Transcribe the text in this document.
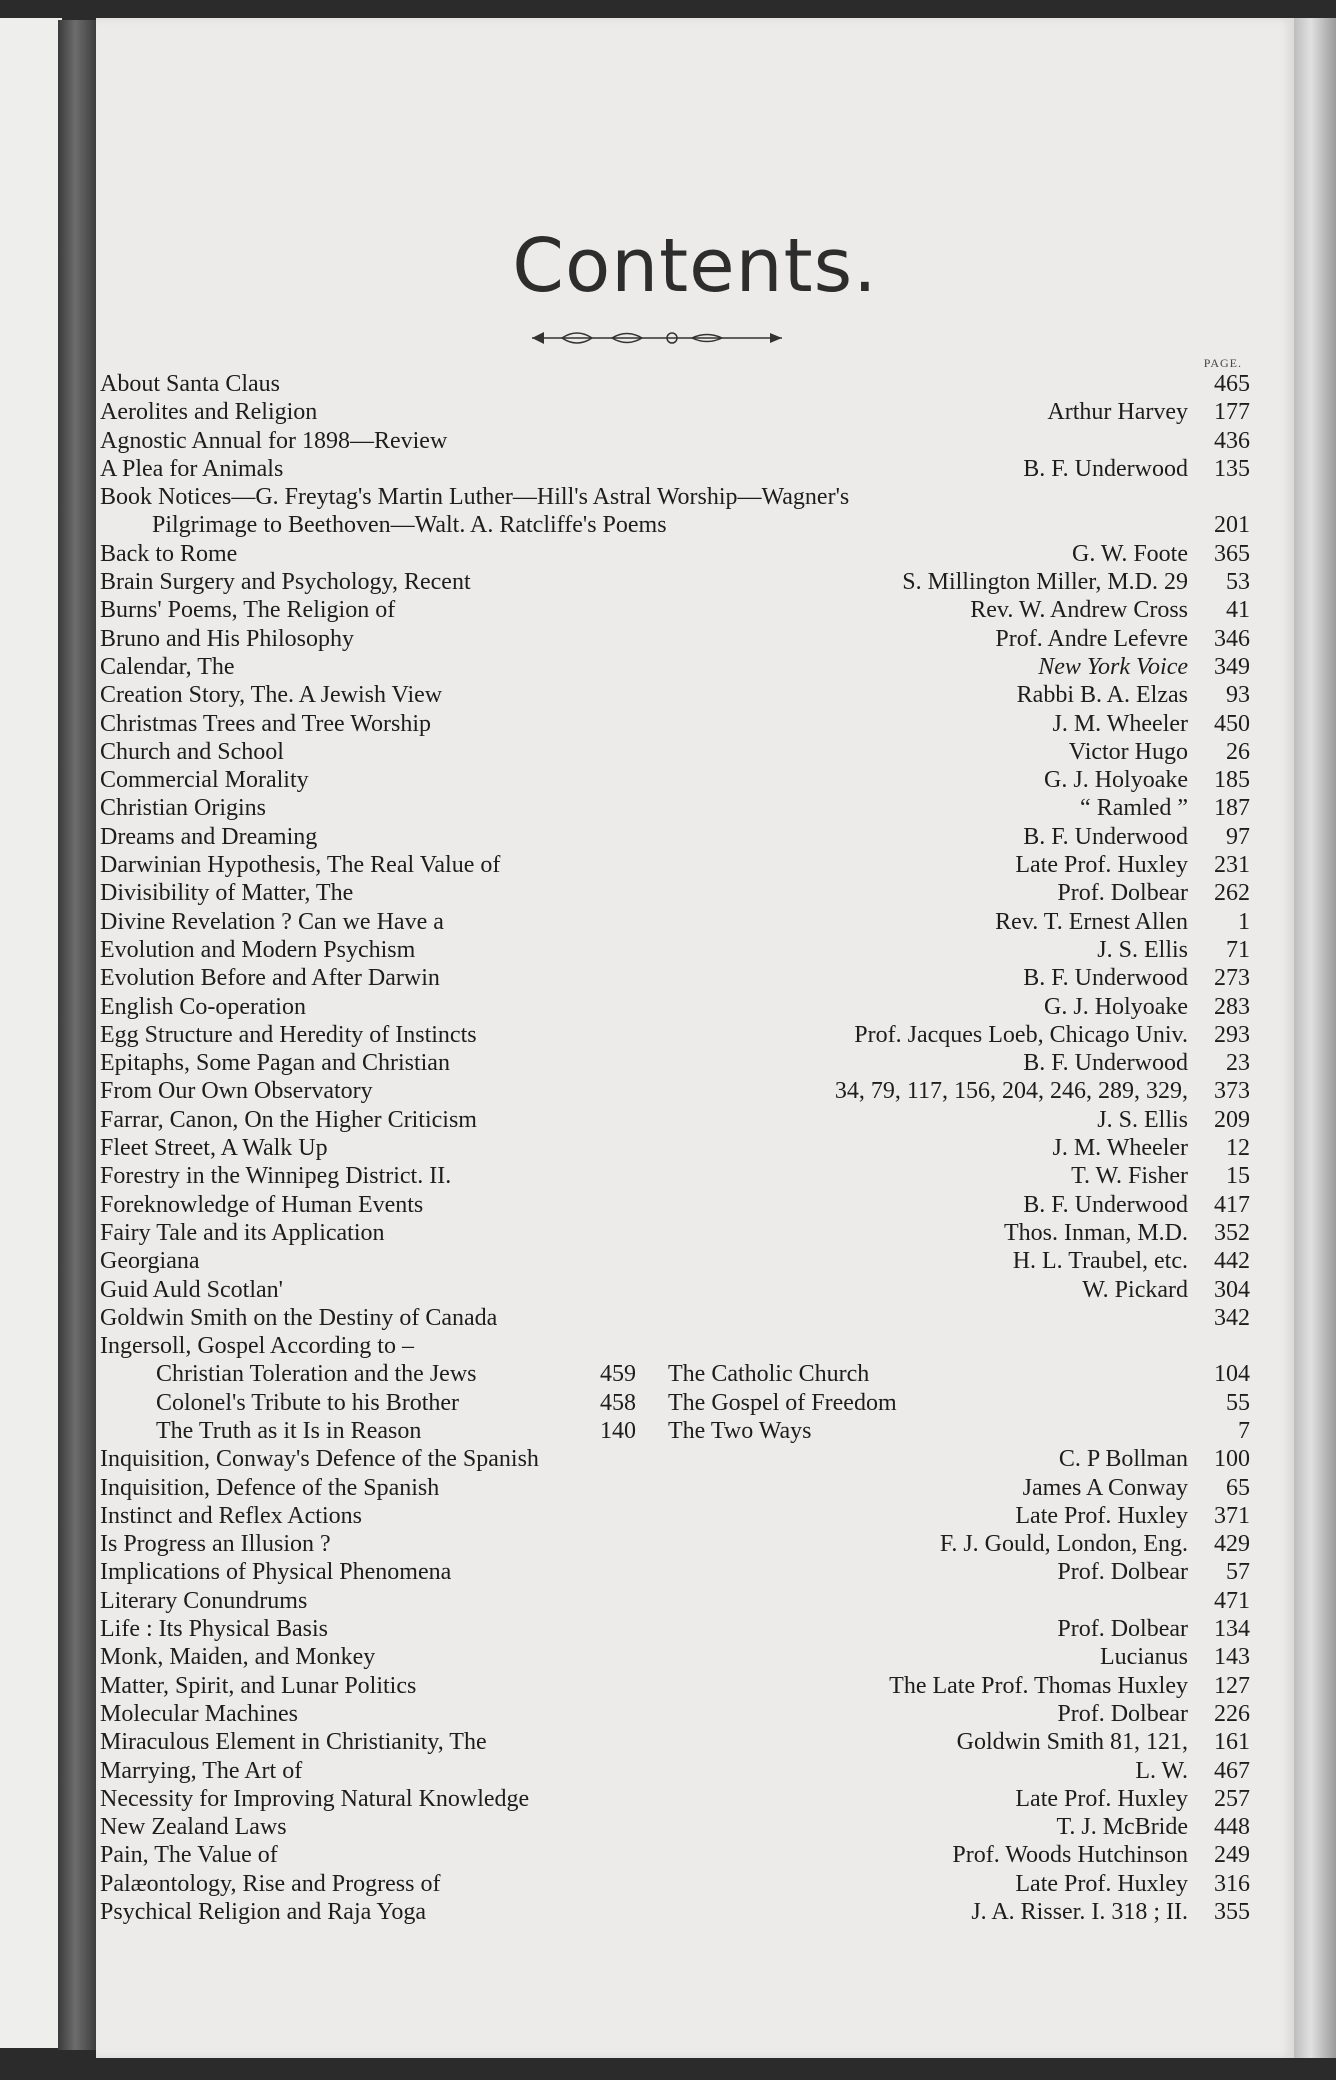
Contents.
PAGE.
About Santa Claus	465
Aerolites and Religion	Arthur Harvey	177
Agnostic Annual for 1898—Review	436
A Plea for Animals	B. F. Underwood	135
Book Notices—G. Freytag's Martin Luther—Hill's Astral Worship—Wagner's
Pilgrimage to Beethoven—Walt. A. Ratcliffe's Poems	201
Back to Rome	G. W. Foote	365
Brain Surgery and Psychology, Recent	S. Millington Miller, M.D. 29	53
Burns' Poems, The Religion of	Rev. W. Andrew Cross	41
Bruno and His Philosophy	Prof. Andre Lefevre	346
Calendar, The	New York Voice	349
Creation Story, The. A Jewish View	Rabbi B. A. Elzas	93
Christmas Trees and Tree Worship	J. M. Wheeler	450
Church and School	Victor Hugo	26
Commercial Morality	G. J. Holyoake	185
Christian Origins	“ Ramled ”	187
Dreams and Dreaming	B. F. Underwood	97
Darwinian Hypothesis, The Real Value of	Late Prof. Huxley	231
Divisibility of Matter, The	Prof. Dolbear	262
Divine Revelation ? Can we Have a	Rev. T. Ernest Allen	1
Evolution and Modern Psychism	J. S. Ellis	71
Evolution Before and After Darwin	B. F. Underwood	273
English Co-operation	G. J. Holyoake	283
Egg Structure and Heredity of Instincts	Prof. Jacques Loeb, Chicago Univ.	293
Epitaphs, Some Pagan and Christian	B. F. Underwood	23
From Our Own Observatory	34, 79, 117, 156, 204, 246, 289, 329,	373
Farrar, Canon, On the Higher Criticism	J. S. Ellis	209
Fleet Street, A Walk Up	J. M. Wheeler	12
Forestry in the Winnipeg District. II.	T. W. Fisher	15
Foreknowledge of Human Events	B. F. Underwood	417
Fairy Tale and its Application	Thos. Inman, M.D.	352
Georgiana	H. L. Traubel, etc.	442
Guid Auld Scotlan'	W. Pickard	304
Goldwin Smith on the Destiny of Canada	342
Ingersoll, Gospel According to –
Christian Toleration and the Jews	459 The Catholic Church	104
Colonel's Tribute to his Brother	458 The Gospel of Freedom	55
The Truth as it Is in Reason	140 The Two Ways	7
Inquisition, Conway's Defence of the Spanish	C. P Bollman	100
Inquisition, Defence of the Spanish	James A Conway	65
Instinct and Reflex Actions	Late Prof. Huxley	371
Is Progress an Illusion ?	F. J. Gould, London, Eng.	429
Implications of Physical Phenomena	Prof. Dolbear	57
Literary Conundrums	471
Life : Its Physical Basis	Prof. Dolbear	134
Monk, Maiden, and Monkey	Lucianus	143
Matter, Spirit, and Lunar Politics	The Late Prof. Thomas Huxley	127
Molecular Machines	Prof. Dolbear	226
Miraculous Element in Christianity, The	Goldwin Smith 81, 121,	161
Marrying, The Art of	L. W.	467
Necessity for Improving Natural Knowledge	Late Prof. Huxley	257
New Zealand Laws	T. J. McBride	448
Pain, The Value of	Prof. Woods Hutchinson	249
Palæontology, Rise and Progress of	Late Prof. Huxley	316
Psychical Religion and Raja Yoga	J. A. Risser. I. 318 ; II.	355
